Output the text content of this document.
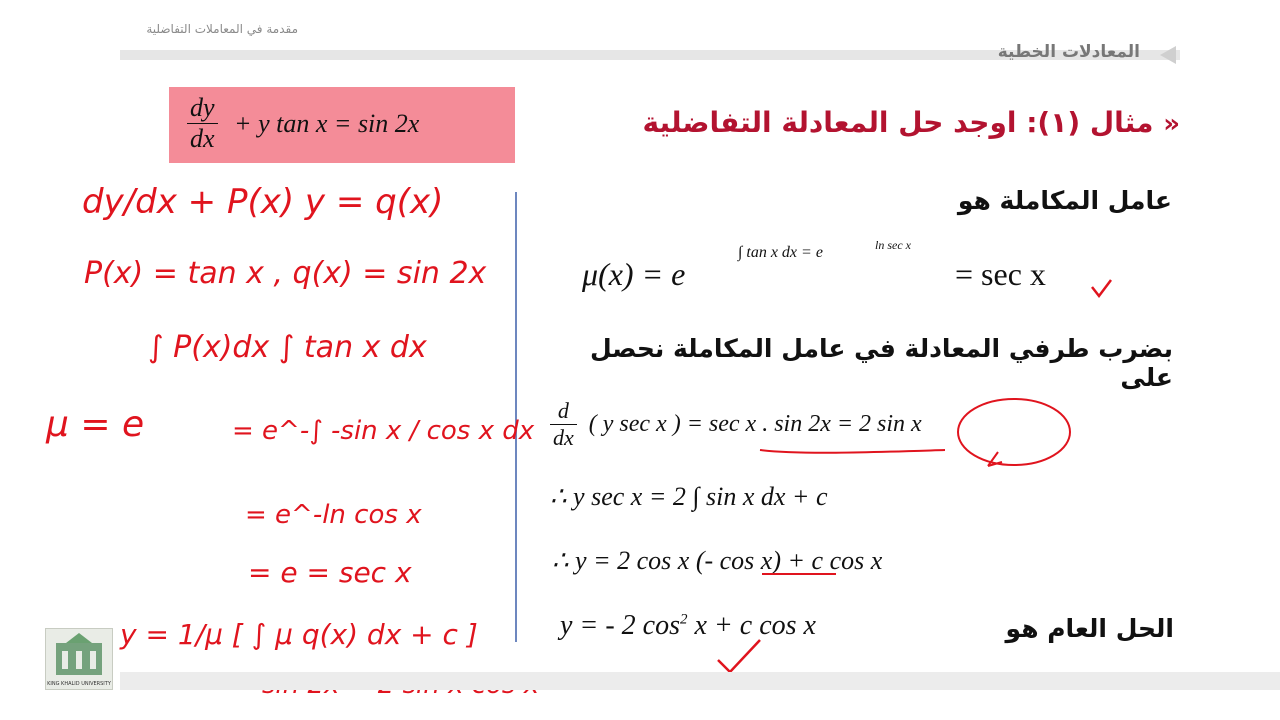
مقدمة في المعاملات التفاضلية
المعادلات الخطية
$\frac{dy}{dx} + y$ tan x = sin 2x	« مثال (١): اوجد حل المعادلة التفاضلية
عامل المكاملة هو
μ(x) = e
∫ tan x dx = e	ln sec x
= sec x
بضرب طرفي المعادلة في عامل المكاملة نحصل على
$\frac{d}{dx}$ ( y sec x ) = sec x . sin 2x = 2 sin x
∴ y sec x = 2 ∫ sin x dx + c
∴ y = 2 cos x (- cos x) + c cos x
y = - 2 $\cos^2 x + c$ cos x	الحل العام هو
dy/dx + P(x) y = q(x)
P(x) = tan x , q(x) = sin 2x
∫ P(x)dx ∫ tan x dx
μ = e	= e^-∫ -sin x / cos x dx
= e^-ln cos x
= e = sec x
y = 1/μ [ ∫ μ q(x) dx + c ]
KING KHALID UNIVERSITY
